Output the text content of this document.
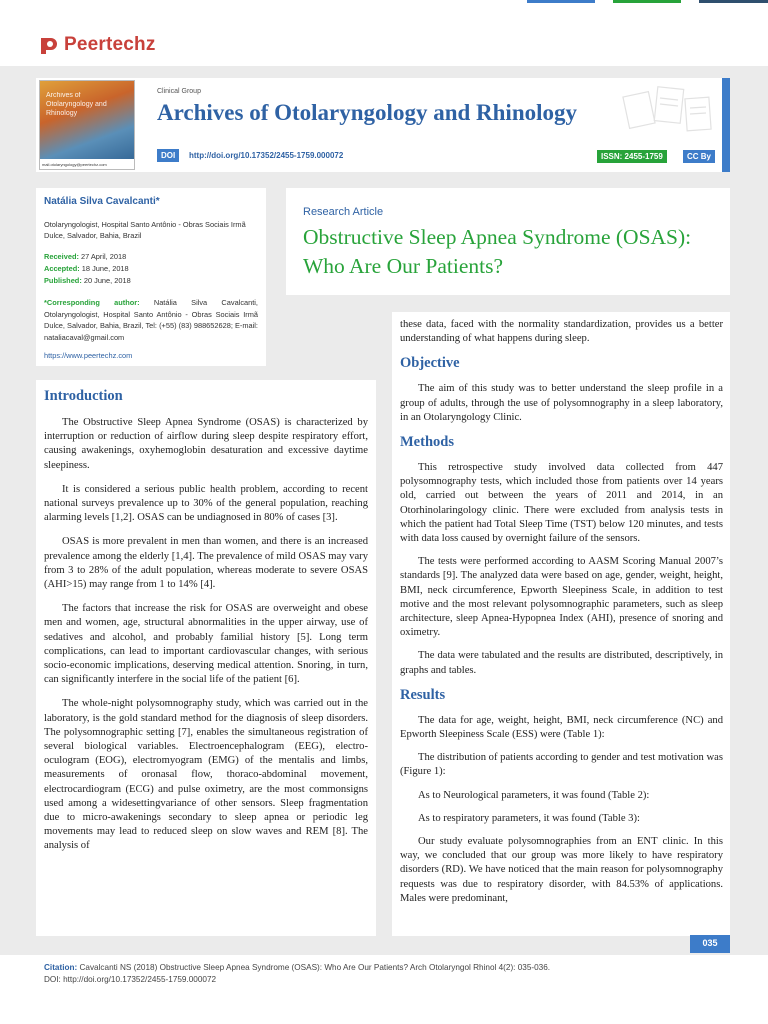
Peertechz
Archives of Otolaryngology and Rhinology
mail.otolaryngology@peertechz.com
Clinical Group
Archives of Otolaryngology and Rhinology
DOI	http://doi.org/10.17352/2455-1759.000072	ISSN: 2455-1759	CC By
Natália Silva Cavalcanti*
Otolaryngologist, Hospital Santo Antônio - Obras Sociais Irmã Dulce, Salvador, Bahia, Brazil
Received: 27 April, 2018
Accepted: 18 June, 2018
Published: 20 June, 2018
*Corresponding author: Natália Silva Cavalcanti, Otolaryngologist, Hospital Santo Antônio - Obras Sociais Irmã Dulce, Salvador, Bahia, Brazil, Tel: (+55) (83) 988652628; E-mail: nataliacaval@gmail.com
https://www.peertechz.com
Research Article
Obstructive Sleep Apnea Syndrome (OSAS): Who Are Our Patients?
Introduction

The Obstructive Sleep Apnea Syndrome (OSAS) is characterized by interruption or reduction of airflow during sleep despite respiratory effort, causing awakenings, oxyhemoglobin desaturation and excessive daytime sleepiness.

It is considered a serious public health problem, according to recent national surveys prevalence up to 30% of the general population, reaching alarming levels [1,2]. OSAS can be undiagnosed in 80% of cases [3].

OSAS is more prevalent in men than women, and there is an increased prevalence among the elderly [1,4]. The prevalence of mild OSAS may vary from 3 to 28% of the adult population, whereas moderate to severe OSAS (AHI>15) may range from 1 to 14% [4].

The factors that increase the risk for OSAS are overweight and obese men and women, age, structural abnormalities in the upper airway, use of sedatives and alcohol, and probably familial history [5]. Long term complications, can lead to important cardiovascular changes, with serious socio-economic implications, deserving medical attention. Snoring, in turn, can significantly interfere in the social life of the patient [6].

The whole-night polysomnography study, which was carried out in the laboratory, is the gold standard method for the diagnosis of sleep disorders. The polysomnographic setting [7], enables the simultaneous registration of several biological variables. Electroencephalogram (EEG), electro-oculogram (EOG), electromyogram (EMG) of the mentalis and limbs, measurements of oronasal flow, thoraco-abdominal movement, electrocardiogram (ECG) and pulse oximetry, are the most commonsigns used among a widesettingvariance of other sensors. Sleep fragmentation due to micro-awakenings secondary to sleep apnea or periodic leg movements may lead to reduced sleep on slow waves and REM [8]. The analysis of

these data, faced with the normality standardization, provides us a better understanding of what happens during sleep.

Objective

The aim of this study was to better understand the sleep profile in a group of adults, through the use of polysomnography in a sleep laboratory, in an Otolaryngology Clinic.

Methods

This retrospective study involved data collected from 447 polysomnography tests, which included those from patients over 14 years old, carried out between the years of 2011 and 2014, in an Otorhinolaringology clinic. There were excluded from analysis tests in which the patient had Total Sleep Time (TST) below 120 minutes, and tests with data loss caused by overnight failure of the sensors.

The tests were performed according to AASM Scoring Manual 2007’s standards [9]. The analyzed data were based on age, gender, weight, height, BMI, neck circumference, Epworth Sleepiness Scale, in addition to test motive and the most relevant polysomnographic parameters, such as sleep architecture, sleep Apnea-Hypopnea Index (AHI), presence of snoring and oximetry.

The data were tabulated and the results are distributed, descriptively, in graphs and tables.

Results

The data for age, weight, height, BMI, neck circumference (NC) and Epworth Sleepiness Scale (ESS) were (Table 1):

The distribution of patients according to gender and test motivation was (Figure 1):

As to Neurological parameters, it was found (Table 2):

As to respiratory parameters, it was found (Table 3):

Our study evaluate polysomnographies from an ENT clinic. In this way, we concluded that our group was more likely to have respiratory disorders (RD). We have noticed that the main reason for polysomnography requests was due to respiratory disorder, with 84.53% of applications. Males were predominant,

035
Citation: Cavalcanti NS (2018) Obstructive Sleep Apnea Syndrome (OSAS): Who Are Our Patients? Arch Otolaryngol Rhinol 4(2): 035-036.
DOI: http://doi.org/10.17352/2455-1759.000072
